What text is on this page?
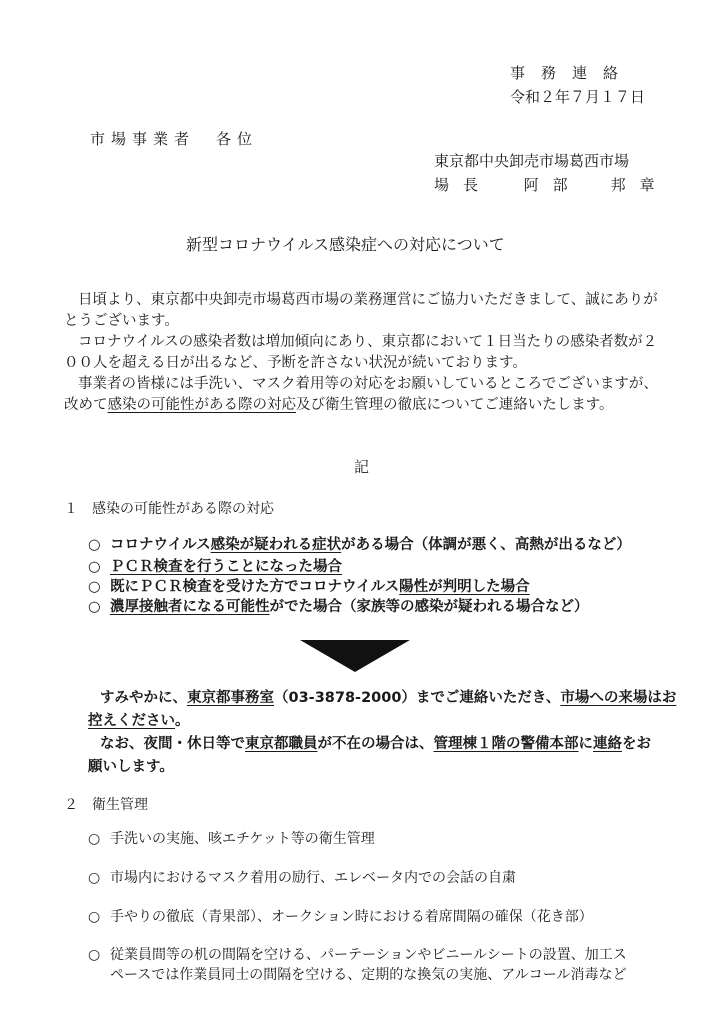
事務連絡
令和２年７月１７日
市場事業者　各位
東京都中央卸売市場葛西市場
場長 阿部　邦章
新型コロナウイルス感染症への対応について

日頃より、東京都中央卸売市場葛西市場の業務運営にご協力いただきまして、誠にありが

とうございます。

コロナウイルスの感染者数は増加傾向にあり、東京都において１日当たりの感染者数が２

００人を超える日が出るなど、予断を許さない状況が続いております。

事業者の皆様には手洗い、マスク着用等の対応をお願いしているところでございますが、

改めて感染の可能性がある際の対応及び衛生管理の徹底についてご連絡いたします。

記
１　感染の可能性がある際の対応
○ コロナウイルス感染が疑われる症状がある場合（体調が悪く、高熱が出るなど）
○ ＰＣＲ検査を行うことになった場合
○ 既にＰＣＲ検査を受けた方でコロナウイルス陽性が判明した場合
○ 濃厚接触者になる可能性がでた場合（家族等の感染が疑われる場合など）
すみやかに、東京都事務室（03-3878-2000）までご連絡いただき、市場への来場はお
控えください。
なお、夜間・休日等で東京都職員が不在の場合は、管理棟１階の警備本部に連絡をお
願いします。
２　衛生管理
○ 手洗いの実施、咳エチケット等の衛生管理
○ 市場内におけるマスク着用の励行、エレベータ内での会話の自粛
○ 手やりの徹底（青果部）、オークション時における着席間隔の確保（花き部）
○ 従業員間等の机の間隔を空ける、パーテーションやビニールシートの設置、加工ス
ペースでは作業員同士の間隔を空ける、定期的な換気の実施、アルコール消毒など
